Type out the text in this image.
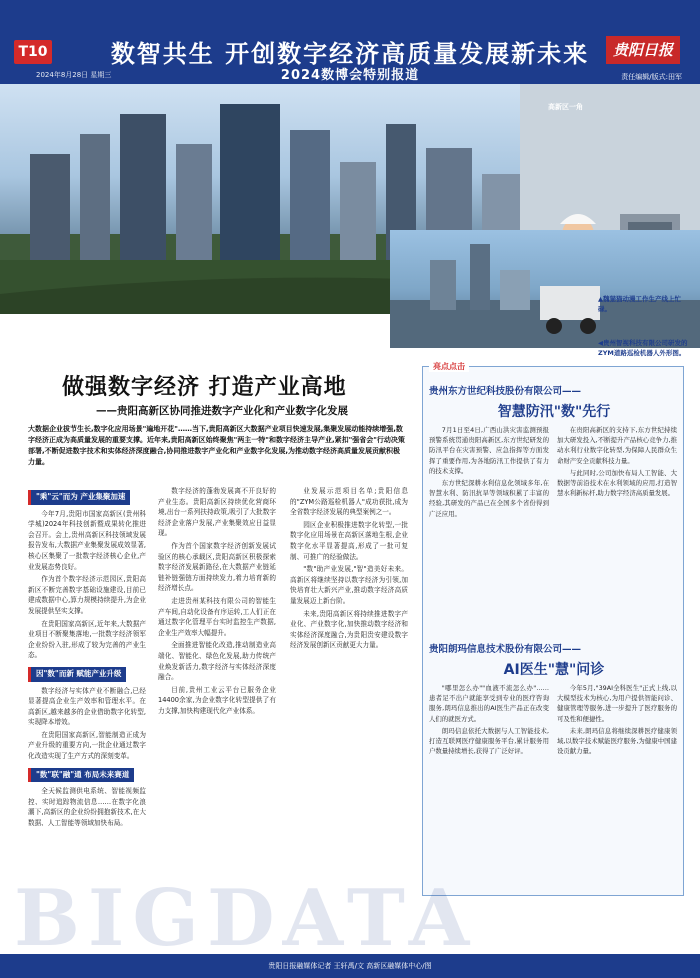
T10
2024年8月28日 星期三
数智共生 开创数字经济高质量发展新未来
2024数博会特别报道
贵阳日报
责任编辑/版式:田军
高新区一角
▲魏猫猫动漫工作生产线上忙碌。
◀贵州智视科技有限公司研发的ZYM道路巡检机器人外形图。
做强数字经济 打造产业高地
——贵阳高新区协同推进数字产业化和产业数字化发展
大数据企业拔节生长,数字化应用场景"遍地开花"……当下,贵阳高新区大数据产业项目快速发展,集聚发展动能持续增强,数字经济正成为高质量发展的重要支撑。近年来,贵阳高新区始终聚焦"两主一特"和数字经济主导产业,紧扣"强省会"行动决策部署,不断促进数字技术和实体经济深度融合,协同推进数字产业化和产业数字化发展,为推动数字经济高质量发展贡献积极力量。
"乘"云"而为 产业集聚加速

今年7月,贵阳市国家高新区(贵州科学城)2024年科技创新暨成果转化推进会召开。会上,贵州高新区科技领域发展报告发布,大数据产业集聚发展成效显著,核心区集聚了一批数字经济核心企业,产业发展态势良好。

作为首个数字经济示范园区,贵阳高新区不断完善数字基础设施建设,目前已建成数据中心,算力规模持续提升,为企业发展提供坚实支撑。

在贵阳国家高新区,近年来,大数据产业项目不断聚集落地,一批数字经济领军企业纷纷入驻,形成了较为完善的产业生态。

因"数"而新 赋能产业升级

数字经济与实体产业不断融合,已经显著提高企业生产效率和管理水平。在高新区,越来越多的企业借助数字化转型,实现降本增效。

在贵阳国家高新区,智能制造正成为产业升级的重要方向,一批企业通过数字化改造实现了生产方式的深刻变革。

"数"联"融"通 布局未来赛道

全天候监测供电系统、智能视频监控、实时追踪物流信息……在数字化浪潮下,高新区的企业纷纷拥抱新技术,在大数据、人工智能等领域加快布局。

数字经济的蓬勃发展离不开良好的产业生态。贵阳高新区持续优化营商环境,出台一系列扶持政策,吸引了大批数字经济企业落户发展,产业集聚效应日益显现。

作为首个国家数字经济创新发展试验区的核心承载区,贵阳高新区积极探索数字经济发展新路径,在大数据产业链延链补链强链方面持续发力,着力培育新的经济增长点。

走进贵州某科技有限公司的智能生产车间,自动化设备有序运转,工人们正在通过数字化管理平台实时监控生产数据,企业生产效率大幅提升。

全面推进智能化改造,推动制造业高端化、智能化、绿色化发展,助力传统产业焕发新活力,数字经济与实体经济深度融合。

目前,贵州工业云平台已服务企业14400余家,为企业数字化转型提供了有力支撑,加快构建现代化产业体系。

业发展示范项目名单;贵阳信息的"ZYM公路巡检机器人"成功获批,成为全省数字经济发展的典型案例之一。

园区企业积极推进数字化转型,一批数字化应用场景在高新区落地生根,企业数字化水平显著提高,形成了一批可复制、可推广的经验做法。

"数"助产业发展,"智"造美好未来。高新区将继续坚持以数字经济为引领,加快培育壮大新兴产业,推动数字经济高质量发展迈上新台阶。

未来,贵阳高新区将持续推进数字产业化、产业数字化,加快推动数字经济和实体经济深度融合,为贵阳贵安建设数字经济发展创新区贡献更大力量。

亮点点击
贵州东方世纪科技股份有限公司——
智慧防汛"数"先行

7月1日至4日,广西山洪灾害监测预报预警系统贯通贵阳高新区,东方世纪研发的防汛平台在灾害预警、应急指挥等方面发挥了重要作用,为各地防汛工作提供了有力的技术支撑。

东方世纪深耕水利信息化领域多年,在智慧水利、防汛抗旱等领域积累了丰富的经验,其研发的产品已在全国多个省份得到广泛应用。

在贵阳高新区的支持下,东方世纪持续加大研发投入,不断提升产品核心竞争力,推动水利行业数字化转型,为保障人民群众生命财产安全贡献科技力量。

与此同时,公司加快布局人工智能、大数据等前沿技术在水利领域的应用,打造智慧水利新标杆,助力数字经济高质量发展。

贵阳朗玛信息技术股份有限公司——
AI医生"慧"问诊

"哪里怎么办""血液不流怎么办"……患者足不出户就能享受到专业的医疗咨询服务,朗玛信息推出的AI医生产品正在改变人们的就医方式。

朗玛信息依托大数据与人工智能技术,打造互联网医疗健康服务平台,累计服务用户数量持续增长,获得了广泛好评。

今年5月,"39AI全科医生"正式上线,以大模型技术为核心,为用户提供智能问诊、健康管理等服务,进一步提升了医疗服务的可及性和便捷性。

未来,朗玛信息将继续深耕医疗健康领域,以数字技术赋能医疗服务,为健康中国建设贡献力量。

BIGDATA
贵阳日报融媒体记者 王轩禹/文 高新区融媒体中心/图
